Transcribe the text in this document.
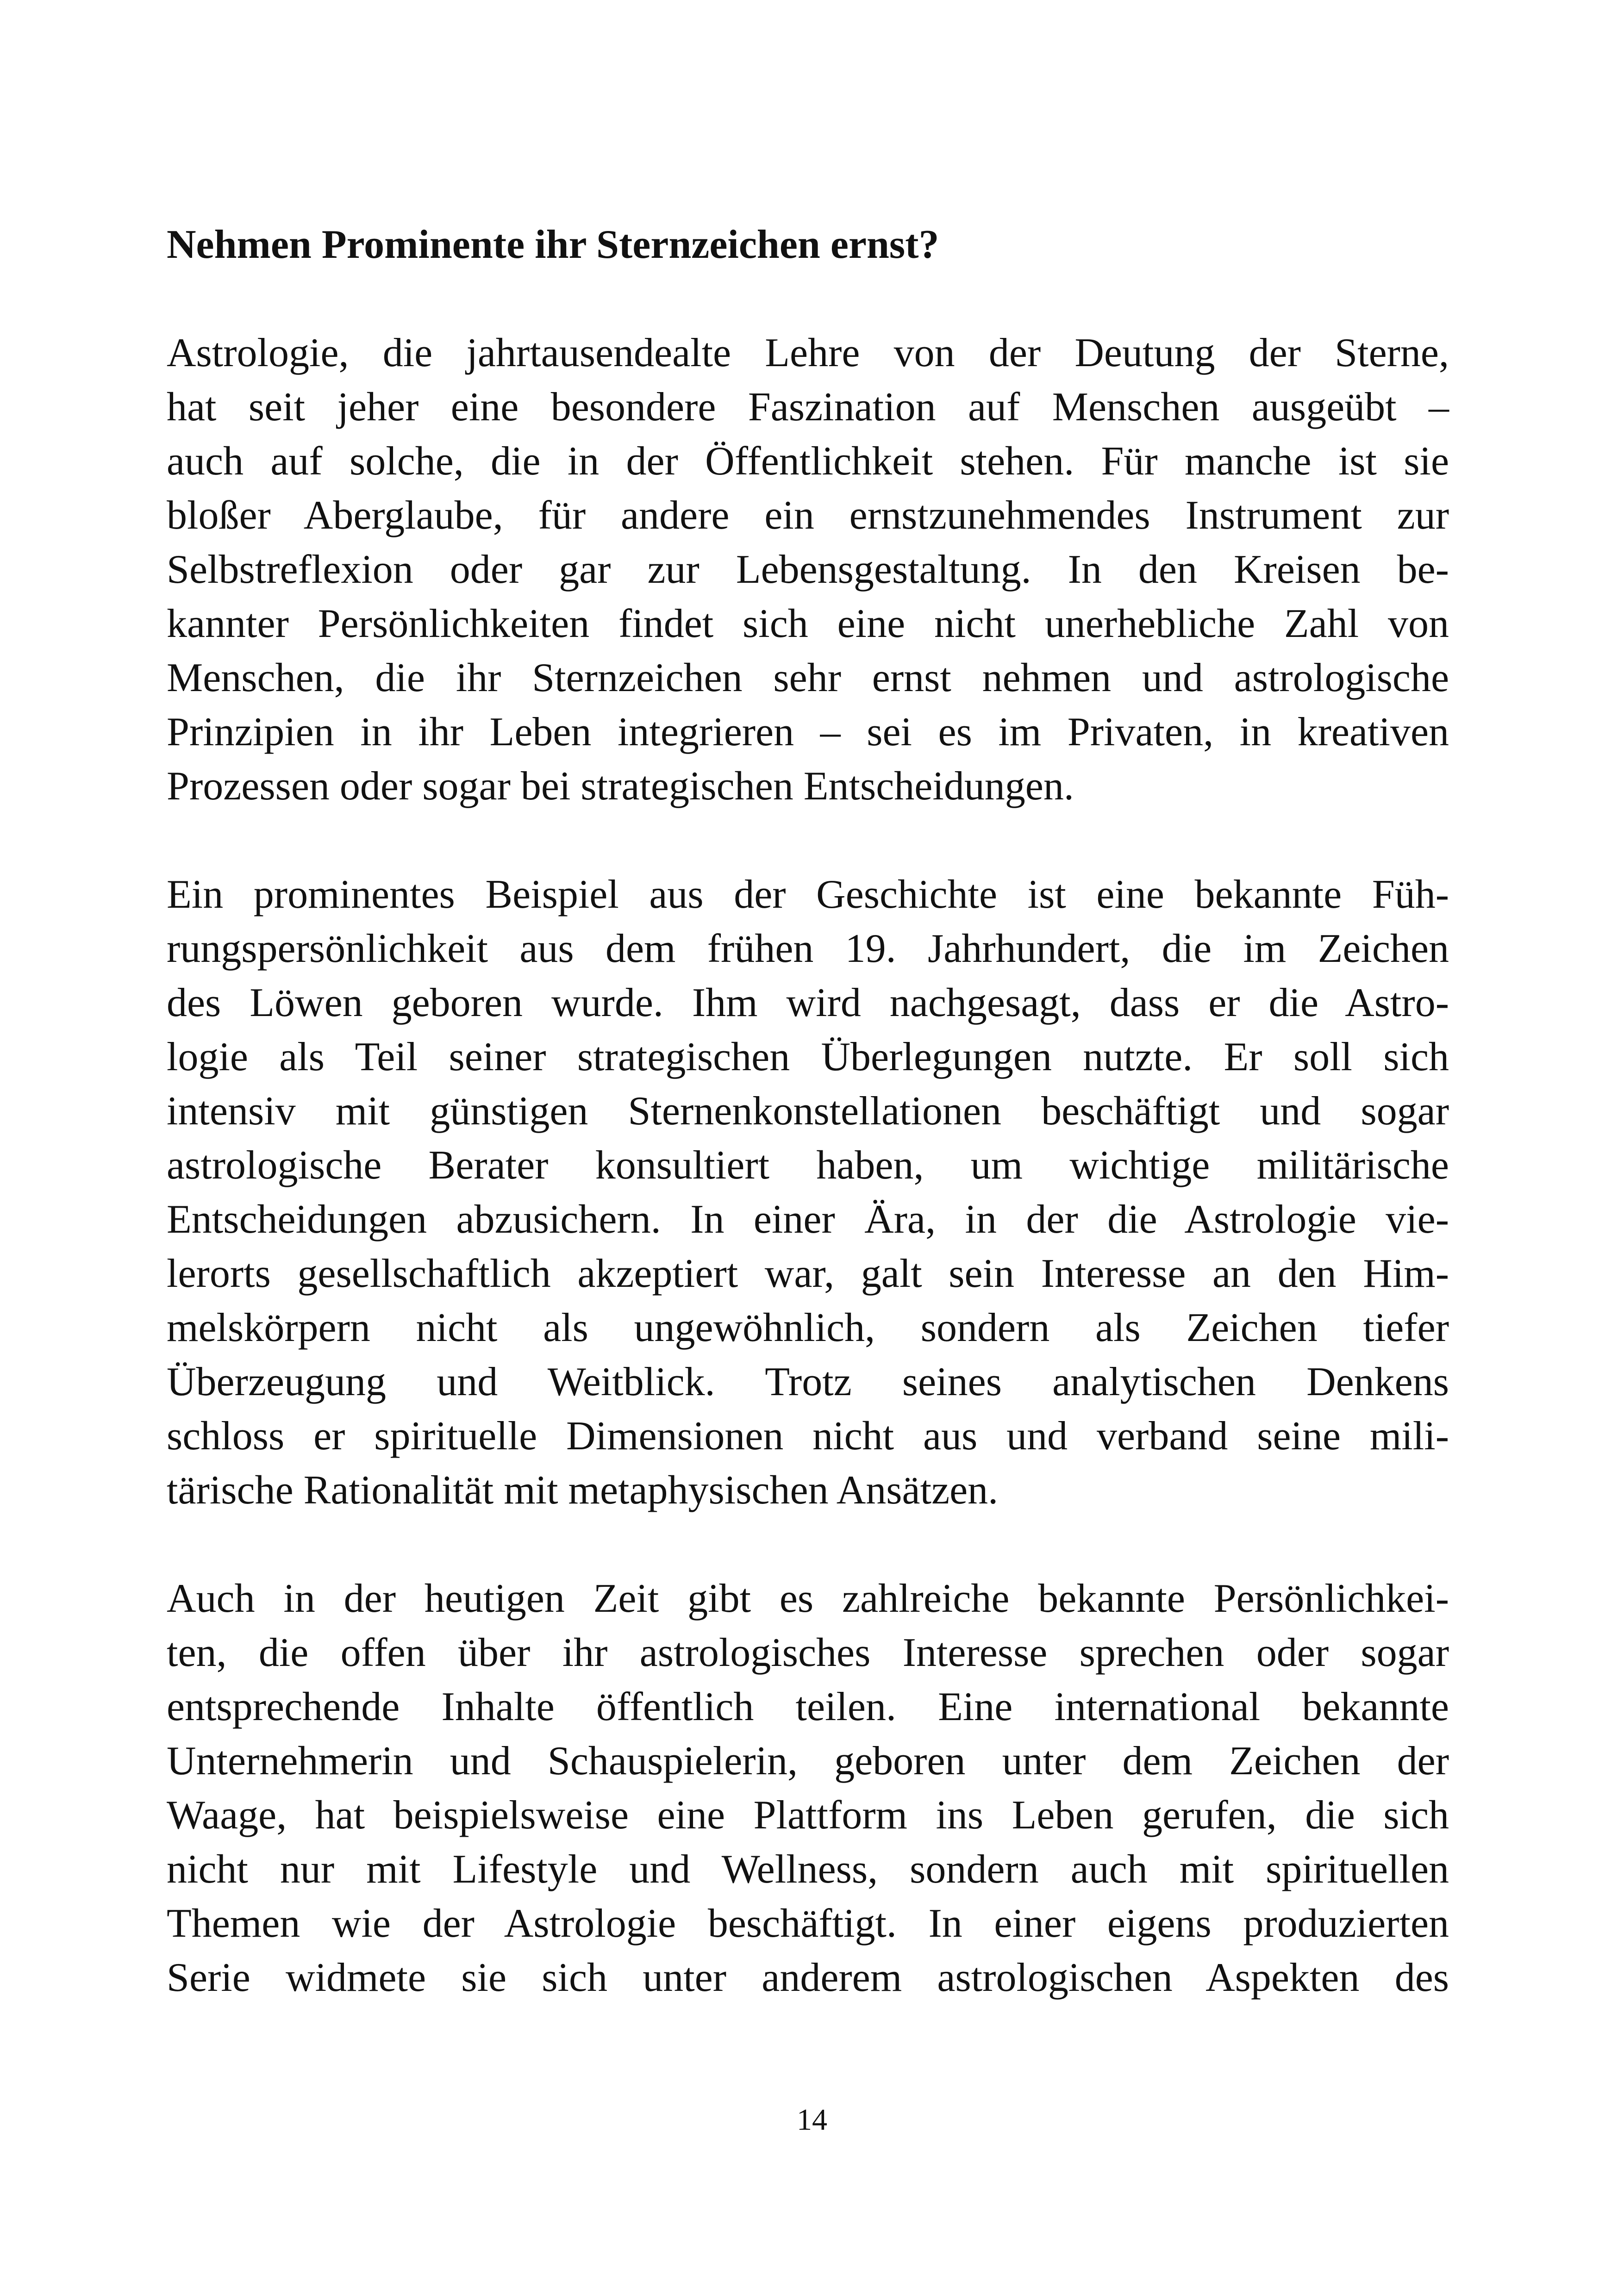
Nehmen Prominente ihr Sternzeichen ernst?
Astrologie, die jahrtausendealte Lehre von der Deutung der Sterne,
hat seit jeher eine besondere Faszination auf Menschen ausgeübt –
auch auf solche, die in der Öffentlichkeit stehen. Für manche ist sie
bloßer Aberglaube, für andere ein ernstzunehmendes Instrument zur
Selbstreflexion oder gar zur Lebensgestaltung. In den Kreisen be-
kannter Persönlichkeiten findet sich eine nicht unerhebliche Zahl von
Menschen, die ihr Sternzeichen sehr ernst nehmen und astrologische
Prinzipien in ihr Leben integrieren – sei es im Privaten, in kreativen
Prozessen oder sogar bei strategischen Entscheidungen.
Ein prominentes Beispiel aus der Geschichte ist eine bekannte Füh-
rungspersönlichkeit aus dem frühen 19. Jahrhundert, die im Zeichen
des Löwen geboren wurde. Ihm wird nachgesagt, dass er die Astro-
logie als Teil seiner strategischen Überlegungen nutzte. Er soll sich
intensiv mit günstigen Sternenkonstellationen beschäftigt und sogar
astrologische Berater konsultiert haben, um wichtige militärische
Entscheidungen abzusichern. In einer Ära, in der die Astrologie vie-
lerorts gesellschaftlich akzeptiert war, galt sein Interesse an den Him-
melskörpern nicht als ungewöhnlich, sondern als Zeichen tiefer
Überzeugung und Weitblick. Trotz seines analytischen Denkens
schloss er spirituelle Dimensionen nicht aus und verband seine mili-
tärische Rationalität mit metaphysischen Ansätzen.
Auch in der heutigen Zeit gibt es zahlreiche bekannte Persönlichkei-
ten, die offen über ihr astrologisches Interesse sprechen oder sogar
entsprechende Inhalte öffentlich teilen. Eine international bekannte
Unternehmerin und Schauspielerin, geboren unter dem Zeichen der
Waage, hat beispielsweise eine Plattform ins Leben gerufen, die sich
nicht nur mit Lifestyle und Wellness, sondern auch mit spirituellen
Themen wie der Astrologie beschäftigt. In einer eigens produzierten
Serie widmete sie sich unter anderem astrologischen Aspekten des
14
